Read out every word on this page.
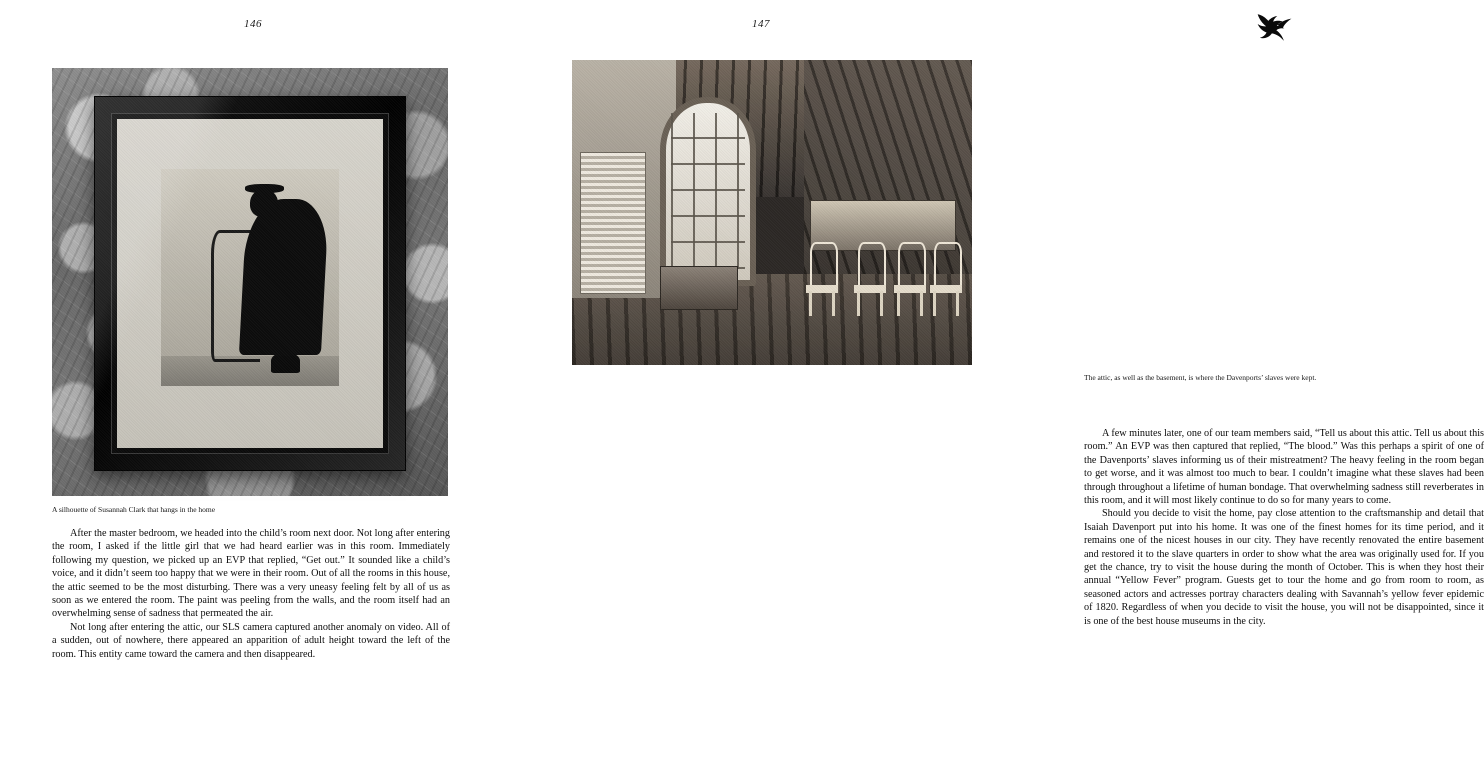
146
A silhouette of Susannah Clark that hangs in the home

After the master bedroom, we headed into the child’s room next door. Not long after entering the room, I asked if the little girl that we had heard earlier was in this room. Immediately following my question, we picked up an EVP that replied, “Get out.” It sounded like a child’s voice, and it didn’t seem too happy that we were in their room. Out of all the rooms in this house, the attic seemed to be the most disturbing. There was a very uneasy feeling felt by all of us as soon as we entered the room. The paint was peeling from the walls, and the room itself had an overwhelming sense of sadness that permeated the air.

Not long after entering the attic, our SLS camera captured another anomaly on video. All of a sudden, out of nowhere, there appeared an apparition of adult height toward the left of the room. This entity came toward the camera and then disappeared.

147
The attic, as well as the basement, is where the Davenports’ slaves were kept.

A few minutes later, one of our team members said, “Tell us about this attic. Tell us about this room.” An EVP was then captured that replied, “The blood.” Was this perhaps a spirit of one of the Davenports’ slaves informing us of their mistreatment? The heavy feeling in the room began to get worse, and it was almost too much to bear. I couldn’t imagine what these slaves had been through throughout a lifetime of human bondage. That overwhelming sadness still reverberates in this room, and it will most likely continue to do so for many years to come.

Should you decide to visit the home, pay close attention to the craftsmanship and detail that Isaiah Davenport put into his home. It was one of the finest homes for its time period, and it remains one of the nicest houses in our city. They have recently renovated the entire basement and restored it to the slave quarters in order to show what the area was originally used for. If you get the chance, try to visit the house during the month of October. This is when they host their annual “Yellow Fever” program. Guests get to tour the home and go from room to room, as seasoned actors and actresses portray characters dealing with Savannah’s yellow fever epidemic of 1820. Regardless of when you decide to visit the house, you will not be disappointed, since it is one of the best house museums in the city.
